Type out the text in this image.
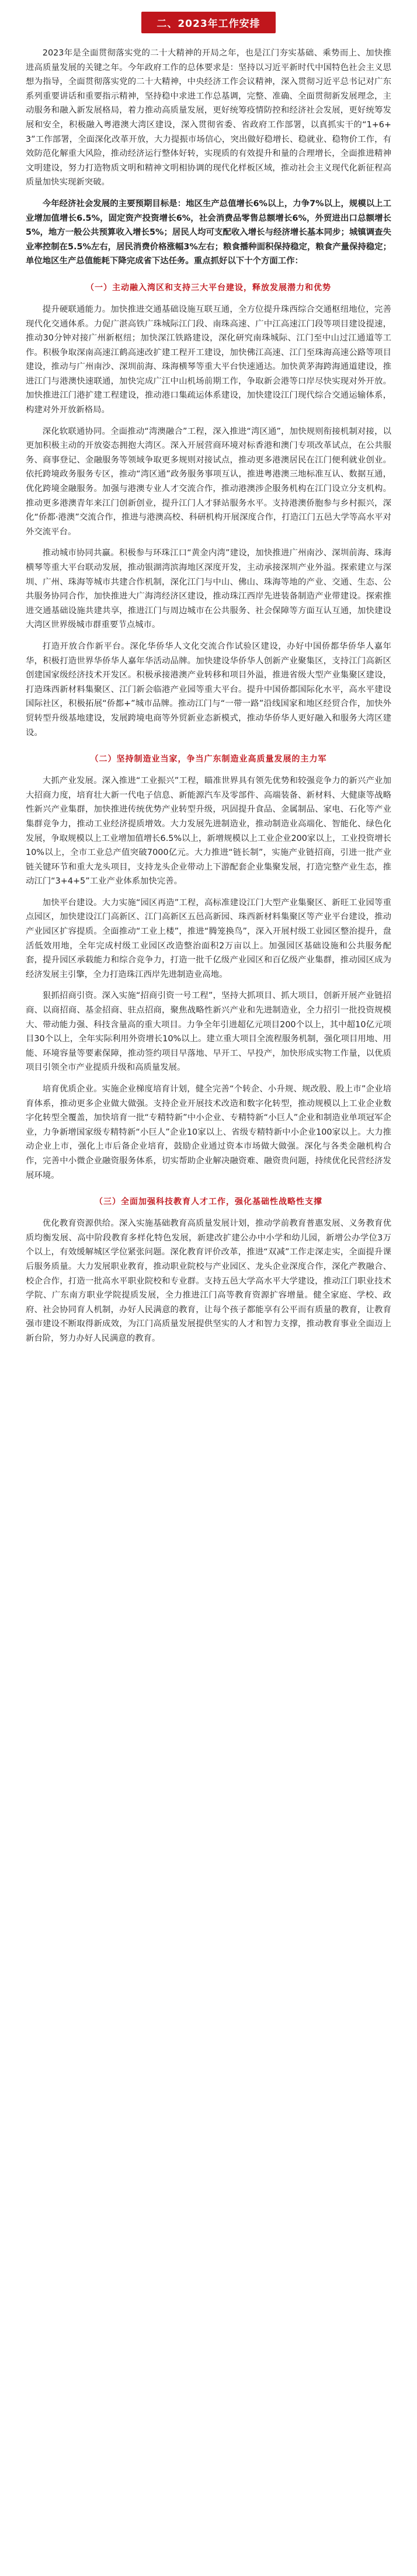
二、2023年工作安排

2023年是全面贯彻落实党的二十大精神的开局之年，也是江门夯实基础、乘势而上、加快推进高质量发展的关键之年。今年政府工作的总体要求是：坚持以习近平新时代中国特色社会主义思想为指导，全面贯彻落实党的二十大精神，中央经济工作会议精神，深入贯彻习近平总书记对广东系列重要讲话和重要指示精神，坚持稳中求进工作总基调，完整、准确、全面贯彻新发展理念，主动服务和融入新发展格局，着力推动高质量发展，更好统筹疫情防控和经济社会发展，更好统筹发展和安全，积极融入粤港澳大湾区建设，深入贯彻省委、省政府工作部署，以真抓实干的“1+6+3”工作部署，全面深化改革开放，大力提振市场信心，突出做好稳增长、稳就业、稳物价工作，有效防范化解重大风险，推动经济运行整体好转，实现质的有效提升和量的合理增长，全面推进精神文明建设，努力打造物质文明和精神文明相协调的现代化样板区域，推动社会主义现代化新征程高质量加快实现新突破。

今年经济社会发展的主要预期目标是：地区生产总值增长6%以上，力争7%以上，规模以上工业增加值增长6.5%，固定资产投资增长6%，社会消费品零售总额增长6%，外贸进出口总额增长5%，地方一般公共预算收入增长5%；居民人均可支配收入增长与经济增长基本同步；城镇调查失业率控制在5.5%左右，居民消费价格涨幅3%左右；粮食播种面积保持稳定，粮食产量保持稳定；单位地区生产总值能耗下降完成省下达任务。重点抓好以下十个方面工作：

（一）主动融入湾区和支持三大平台建设，释放发展潜力和优势

提升硬联通能力。加快推进交通基础设施互联互通，全方位提升珠西综合交通枢纽地位，完善现代化交通体系。力促广湛高铁广珠城际江门段、南珠高速、广中江高速江门段等项目建设提速，推动30分钟对接广州新枢纽；加快深江铁路建设，深化研究南珠城际、江门至中山过江通道等工作。积极争取深南高速江鹤高速改扩建工程开工建设，加快佛江高速、江门至珠海高速公路等项目建设，推动与广州南沙、深圳前海、珠海横琴等重大平台快速通达。加快黄茅海跨海通道建设，推进江门与港澳快速联通，加快完成广江中山机场前期工作，争取新会港等口岸尽快实现对外开放。加快推进江门港扩建工程建设，推动港口集疏运体系建设，加快建设江门现代综合交通运输体系，构建对外开放新格局。

深化软联通协同。全面推动“湾澳融合”工程，深入推进“湾区通”，加快规则衔接机制对接，以更加积极主动的开放姿态拥抱大湾区。深入开展营商环境对标香港和澳门专项改革试点，在公共服务、商事登记、金融服务等领域争取更多规则对接试点，推动更多港澳居民在江门便利就业创业。依托跨境政务服务专区，推动“湾区通”政务服务事项互认，推进粤港澳三地标准互认、数据互通，优化跨境金融服务。加强与港澳专业人才交流合作，推动港澳涉企服务机构在江门设立分支机构。推动更多港澳青年来江门创新创业，提升江门人才驿站服务水平。支持港澳侨胞参与乡村振兴，深化“侨都·港澳”交流合作，推进与港澳高校、科研机构开展深度合作，打造江门五邑大学等高水平对外交流平台。

推动城市协同共赢。积极参与环珠江口“黄金内湾”建设，加快推进广州南沙、深圳前海、珠海横琴等重大平台联动发展，推动银湖湾滨海地区深度开发，主动承接深圳产业外溢。探索建立与深圳、广州、珠海等城市共建合作机制，深化江门与中山、佛山、珠海等地的产业、交通、生态、公共服务协同合作，加快推进大广海湾经济区建设，推动珠江西岸先进装备制造产业带建设。探索推进交通基础设施共建共享，推进江门与周边城市在公共服务、社会保障等方面互认互通，加快建设大湾区世界级城市群重要节点城市。

打造开放合作新平台。深化华侨华人文化交流合作试验区建设，办好中国侨都华侨华人嘉年华，积极打造世界华侨华人嘉年华活动品牌。加快建设华侨华人创新产业聚集区，支持江门高新区创建国家级经济技术开发区。积极承接港澳产业转移和项目外溢，推进省级大型产业集聚区建设，打造珠西新材料集聚区、江门新会临港产业园等重大平台。提升中国侨都国际化水平，高水平建设国际社区，积极拓展“侨都+”城市品牌。推动江门与“一带一路”沿线国家和地区经贸合作，加快外贸转型升级基地建设，发展跨境电商等外贸新业态新模式，推动华侨华人更好融入和服务大湾区建设。

（二）坚持制造业当家，争当广东制造业高质量发展的主力军

大抓产业发展。深入推进“工业振兴”工程，瞄准世界具有领先优势和较强竞争力的新兴产业加大招商力度，培育壮大新一代电子信息、新能源汽车及零部件、高端装备、新材料、大健康等战略性新兴产业集群，加快推进传统优势产业转型升级，巩固提升食品、金属制品、家电、石化等产业集群竞争力，推动工业经济提质增效。大力发展先进制造业，推动制造业高端化、智能化、绿色化发展，争取规模以上工业增加值增长6.5%以上，新增规模以上工业企业200家以上，工业投资增长10%以上，全市工业总产值突破7000亿元。大力推进“链长制”，实施产业链招商，引进一批产业链关键环节和重大龙头项目，支持龙头企业带动上下游配套企业集聚发展，打造完整产业生态，推动江门“3+4+5”工业产业体系加快完善。

加快平台建设。大力实施“园区再造”工程，高标准建设江门大型产业集聚区、新旺工业园等重点园区，加快建设江门高新区、江门高新区五邑高新园、珠西新材料集聚区等产业平台建设，推动产业园区扩容提质。全面推动“工业上楼”，推进“腾笼换鸟”，深入开展村级工业园区整治提升，盘活低效用地，全年完成村级工业园区改造整治面积2万亩以上。加强园区基础设施和公共服务配套，提升园区承载能力和综合竞争力，打造一批千亿级产业园区和百亿级产业集群，推动园区成为经济发展主引擎，全力打造珠江西岸先进制造业高地。

狠抓招商引资。深入实施“招商引资一号工程”，坚持大抓项目、抓大项目，创新开展产业链招商、以商招商、基金招商、驻点招商，聚焦战略性新兴产业和先进制造业，全力招引一批投资规模大、带动能力强、科技含量高的重大项目。力争全年引进超亿元项目200个以上，其中超10亿元项目30个以上，全年实际利用外资增长10%以上。建立重大项目全流程服务机制，强化项目用地、用能、环境容量等要素保障，推动签约项目早落地、早开工、早投产，加快形成实物工作量，以优质项目引领全市产业提质升级和高质量发展。

培育优质企业。实施企业梯度培育计划，健全完善“个转企、小升规、规改股、股上市”企业培育体系，推动更多企业做大做强。支持企业开展技术改造和数字化转型，推动规模以上工业企业数字化转型全覆盖，加快培育一批“专精特新”中小企业、专精特新“小巨人”企业和制造业单项冠军企业，力争新增国家级专精特新“小巨人”企业10家以上、省级专精特新中小企业100家以上。大力推动企业上市，强化上市后备企业培育，鼓励企业通过资本市场做大做强。深化与各类金融机构合作，完善中小微企业融资服务体系，切实帮助企业解决融资难、融资贵问题，持续优化民营经济发展环境。

（三）全面加强科技教育人才工作，强化基础性战略性支撑

优化教育资源供给。深入实施基础教育高质量发展计划，推动学前教育普惠发展、义务教育优质均衡发展、高中阶段教育多样化特色发展，新建改扩建公办中小学和幼儿园，新增公办学位3万个以上，有效缓解城区学位紧张问题。深化教育评价改革，推进“双减”工作走深走实，全面提升课后服务质量。大力发展职业教育，推动职业院校与产业园区、龙头企业深度合作，深化产教融合、校企合作，打造一批高水平职业院校和专业群。支持五邑大学高水平大学建设，推动江门职业技术学院、广东南方职业学院提质发展，全力推进江门高等教育资源扩容增量。健全家庭、学校、政府、社会协同育人机制，办好人民满意的教育，让每个孩子都能享有公平而有质量的教育，让教育强市建设不断取得新成效，为江门高质量发展提供坚实的人才和智力支撑，推动教育事业全面迈上新台阶，努力办好人民满意的教育。
